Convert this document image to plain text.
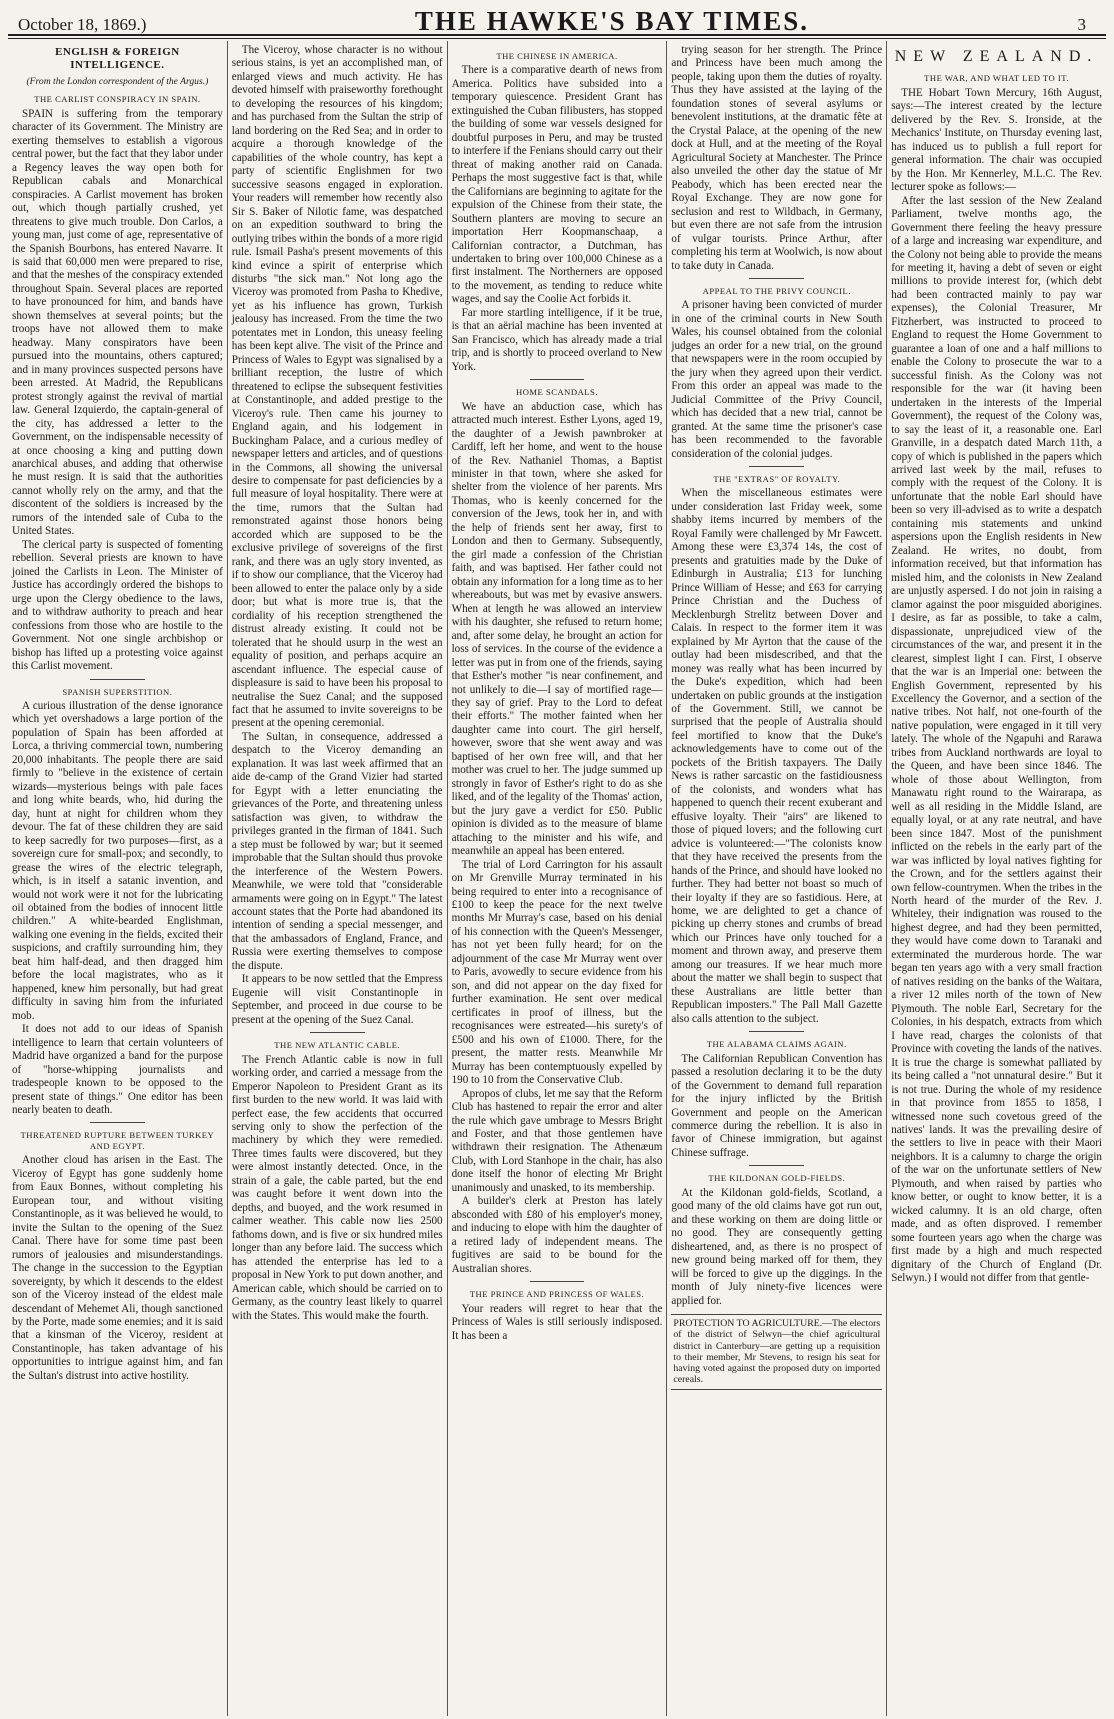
October 18, 1869.)	THE HAWKE'S BAY TIMES.	3
ENGLISH & FOREIGN INTELLIGENCE.
(From the London correspondent of the Argus.)
THE CARLIST CONSPIRACY IN SPAIN.

SPAIN is suffering from the temporary character of its Government. The Ministry are exerting themselves to establish a vigorous central power, but the fact that they labor under a Regency leaves the way open both for Republican cabals and Monarchical conspiracies. A Carlist movement has broken out, which though partially crushed, yet threatens to give much trouble. Don Carlos, a young man, just come of age, representative of the Spanish Bourbons, has entered Navarre. It is said that 60,000 men were prepared to rise, and that the meshes of the conspiracy extended throughout Spain. Several places are reported to have pronounced for him, and bands have shown themselves at several points; but the troops have not allowed them to make headway. Many conspirators have been pursued into the mountains, others captured; and in many provinces suspected persons have been arrested. At Madrid, the Republicans protest strongly against the revival of martial law. General Izquierdo, the captain-general of the city, has addressed a letter to the Government, on the indispensable necessity of at once choosing a king and putting down anarchical abuses, and adding that otherwise he must resign. It is said that the authorities cannot wholly rely on the army, and that the discontent of the soldiers is increased by the rumors of the intended sale of Cuba to the United States.

The clerical party is suspected of fomenting rebellion. Several priests are known to have joined the Carlists in Leon. The Minister of Justice has accordingly ordered the bishops to urge upon the Clergy obedience to the laws, and to withdraw authority to preach and hear confessions from those who are hostile to the Government. Not one single archbishop or bishop has lifted up a protesting voice against this Carlist movement.

SPANISH SUPERSTITION.

A curious illustration of the dense ignorance which yet overshadows a large portion of the population of Spain has been afforded at Lorca, a thriving commercial town, numbering 20,000 inhabitants. The people there are said firmly to "believe in the existence of certain wizards—mysterious beings with pale faces and long white beards, who, hid during the day, hunt at night for children whom they devour. The fat of these children they are said to keep sacredly for two purposes—first, as a sovereign cure for small-pox; and secondly, to grease the wires of the electric telegraph, which, is in itself a satanic invention, and would not work were it not for the lubricating oil obtained from the bodies of innocent little children." A white-bearded Englishman, walking one evening in the fields, excited their suspicions, and craftily surrounding him, they beat him half-dead, and then dragged him before the local magistrates, who as it happened, knew him personally, but had great difficulty in saving him from the infuriated mob.

It does not add to our ideas of Spanish intelligence to learn that certain volunteers of Madrid have organized a band for the purpose of "horse-whipping journalists and tradespeople known to be opposed to the present state of things." One editor has been nearly beaten to death.

THREATENED RUPTURE BETWEEN TURKEY AND EGYPT.

Another cloud has arisen in the East. The Viceroy of Egypt has gone suddenly home from Eaux Bonnes, without completing his European tour, and without visiting Constantinople, as it was believed he would, to invite the Sultan to the opening of the Suez Canal. There have for some time past been rumors of jealousies and misunderstandings. The change in the succession to the Egyptian sovereignty, by which it descends to the eldest son of the Viceroy instead of the eldest male descendant of Mehemet Ali, though sanctioned by the Porte, made some enemies; and it is said that a kinsman of the Viceroy, resident at Constantinople, has taken advantage of his opportunities to intrigue against him, and fan the Sultan's distrust into active hostility.

The Viceroy, whose character is no without serious stains, is yet an accomplished man, of enlarged views and much activity. He has devoted himself with praiseworthy forethought to developing the resources of his kingdom; and has purchased from the Sultan the strip of land bordering on the Red Sea; and in order to acquire a thorough knowledge of the capabilities of the whole country, has kept a party of scientific Englishmen for two successive seasons engaged in exploration. Your readers will remember how recently also Sir S. Baker of Nilotic fame, was despatched on an expedition southward to bring the outlying tribes within the bonds of a more rigid rule. Ismail Pasha's present movements of this kind evince a spirit of enterprise which disturbs "the sick man." Not long ago the Viceroy was promoted from Pasha to Khedive, yet as his influence has grown, Turkish jealousy has increased. From the time the two potentates met in London, this uneasy feeling has been kept alive. The visit of the Prince and Princess of Wales to Egypt was signalised by a brilliant reception, the lustre of which threatened to eclipse the subsequent festivities at Constantinople, and added prestige to the Viceroy's rule. Then came his journey to England again, and his lodgement in Buckingham Palace, and a curious medley of newspaper letters and articles, and of questions in the Commons, all showing the universal desire to compensate for past deficiencies by a full measure of loyal hospitality. There were at the time, rumors that the Sultan had remonstrated against those honors being accorded which are supposed to be the exclusive privilege of sovereigns of the first rank, and there was an ugly story invented, as if to show our compliance, that the Viceroy had been allowed to enter the palace only by a side door; but what is more true is, that the cordiality of his reception strengthened the distrust already existing. It could not be tolerated that he should usurp in the west an equality of position, and perhaps acquire an ascendant influence. The especial cause of displeasure is said to have been his proposal to neutralise the Suez Canal; and the supposed fact that he assumed to invite sovereigns to be present at the opening ceremonial.

The Sultan, in consequence, addressed a despatch to the Viceroy demanding an explanation. It was last week affirmed that an aide de-camp of the Grand Vizier had started for Egypt with a letter enunciating the grievances of the Porte, and threatening unless satisfaction was given, to withdraw the privileges granted in the firman of 1841. Such a step must be followed by war; but it seemed improbable that the Sultan should thus provoke the interference of the Western Powers. Meanwhile, we were told that "considerable armaments were going on in Egypt." The latest account states that the Porte had abandoned its intention of sending a special messenger, and that the ambassadors of England, France, and Russia were exerting themselves to compose the dispute.

It appears to be now settled that the Empress Eugenie will visit Constantinople in September, and proceed in due course to be present at the opening of the Suez Canal.

THE NEW ATLANTIC CABLE.

The French Atlantic cable is now in full working order, and carried a message from the Emperor Napoleon to President Grant as its first burden to the new world. It was laid with perfect ease, the few accidents that occurred serving only to show the perfection of the machinery by which they were remedied. Three times faults were discovered, but they were almost instantly detected. Once, in the strain of a gale, the cable parted, but the end was caught before it went down into the depths, and buoyed, and the work resumed in calmer weather. This cable now lies 2500 fathoms down, and is five or six hundred miles longer than any before laid. The success which has attended the enterprise has led to a proposal in New York to put down another, and American cable, which should be carried on to Germany, as the country least likely to quarrel with the States. This would make the fourth.

THE CHINESE IN AMERICA.

There is a comparative dearth of news from America. Politics have subsided into a temporary quiescence. President Grant has extinguished the Cuban filibusters, has stopped the building of some war vessels designed for doubtful purposes in Peru, and may be trusted to interfere if the Fenians should carry out their threat of making another raid on Canada. Perhaps the most suggestive fact is that, while the Californians are beginning to agitate for the expulsion of the Chinese from their state, the Southern planters are moving to secure an importation Herr Koopmanschaap, a Californian contractor, a Dutchman, has undertaken to bring over 100,000 Chinese as a first instalment. The Northerners are opposed to the movement, as tending to reduce white wages, and say the Coolie Act forbids it.

Far more startling intelligence, if it be true, is that an aërial machine has been invented at San Francisco, which has already made a trial trip, and is shortly to proceed overland to New York.

HOME SCANDALS.

We have an abduction case, which has attracted much interest. Esther Lyons, aged 19, the daughter of a Jewish pawnbroker at Cardiff, left her home, and went to the house of the Rev. Nathaniel Thomas, a Baptist minister in that town, where she asked for shelter from the violence of her parents. Mrs Thomas, who is keenly concerned for the conversion of the Jews, took her in, and with the help of friends sent her away, first to London and then to Germany. Subsequently, the girl made a confession of the Christian faith, and was baptised. Her father could not obtain any information for a long time as to her whereabouts, but was met by evasive answers. When at length he was allowed an interview with his daughter, she refused to return home; and, after some delay, he brought an action for loss of services. In the course of the evidence a letter was put in from one of the friends, saying that Esther's mother "is near confinement, and not unlikely to die—I say of mortified rage—they say of grief. Pray to the Lord to defeat their efforts." The mother fainted when her daughter came into court. The girl herself, however, swore that she went away and was baptised of her own free will, and that her mother was cruel to her. The judge summed up strongly in favor of Esther's right to do as she liked, and of the legality of the Thomas' action, but the jury gave a verdict for £50. Public opinion is divided as to the measure of blame attaching to the minister and his wife, and meanwhile an appeal has been entered.

The trial of Lord Carrington for his assault on Mr Grenville Murray terminated in his being required to enter into a recognisance of £100 to keep the peace for the next twelve months Mr Murray's case, based on his denial of his connection with the Queen's Messenger, has not yet been fully heard; for on the adjournment of the case Mr Murray went over to Paris, avowedly to secure evidence from his son, and did not appear on the day fixed for further examination. He sent over medical certificates in proof of illness, but the recognisances were estreated—his surety's of £500 and his own of £1000. There, for the present, the matter rests. Meanwhile Mr Murray has been contemptuously expelled by 190 to 10 from the Conservative Club.

Apropos of clubs, let me say that the Reform Club has hastened to repair the error and alter the rule which gave umbrage to Messrs Bright and Foster, and that those gentlemen have withdrawn their resignation. The Athenæum Club, with Lord Stanhope in the chair, has also done itself the honor of electing Mr Bright unanimously and unasked, to its membership.

A builder's clerk at Preston has lately absconded with £80 of his employer's money, and inducing to elope with him the daughter of a retired lady of independent means. The fugitives are said to be bound for the Australian shores.

THE PRINCE AND PRINCESS OF WALES.

Your readers will regret to hear that the Princess of Wales is still seriously indisposed. It has been a

trying season for her strength. The Prince and Princess have been much among the people, taking upon them the duties of royalty. Thus they have assisted at the laying of the foundation stones of several asylums or benevolent institutions, at the dramatic fête at the Crystal Palace, at the opening of the new dock at Hull, and at the meeting of the Royal Agricultural Society at Manchester. The Prince also unveiled the other day the statue of Mr Peabody, which has been erected near the Royal Exchange. They are now gone for seclusion and rest to Wildbach, in Germany, but even there are not safe from the intrusion of vulgar tourists. Prince Arthur, after completing his term at Woolwich, is now about to take duty in Canada.

APPEAL TO THE PRIVY COUNCIL.

A prisoner having been convicted of murder in one of the criminal courts in New South Wales, his counsel obtained from the colonial judges an order for a new trial, on the ground that newspapers were in the room occupied by the jury when they agreed upon their verdict. From this order an appeal was made to the Judicial Committee of the Privy Council, which has decided that a new trial, cannot be granted. At the same time the prisoner's case has been recommended to the favorable consideration of the colonial judges.

THE "EXTRAS" OF ROYALTY.

When the miscellaneous estimates were under consideration last Friday week, some shabby items incurred by members of the Royal Family were challenged by Mr Fawcett. Among these were £3,374 14s, the cost of presents and gratuities made by the Duke of Edinburgh in Australia; £13 for lunching Prince William of Hesse; and £63 for carrying Prince Christian and the Duchess of Mecklenburgh Strelitz between Dover and Calais. In respect to the former item it was explained by Mr Ayrton that the cause of the outlay had been misdescribed, and that the money was really what has been incurred by the Duke's expedition, which had been undertaken on public grounds at the instigation of the Government. Still, we cannot be surprised that the people of Australia should feel mortified to know that the Duke's acknowledgements have to come out of the pockets of the British taxpayers. The Daily News is rather sarcastic on the fastidiousness of the colonists, and wonders what has happened to quench their recent exuberant and effusive loyalty. Their "airs" are likened to those of piqued lovers; and the following curt advice is volunteered:—"The colonists know that they have received the presents from the hands of the Prince, and should have looked no further. They had better not boast so much of their loyalty if they are so fastidious. Here, at home, we are delighted to get a chance of picking up cherry stones and crumbs of bread which our Princes have only touched for a moment and thrown away, and preserve them among our treasures. If we hear much more about the matter we shall begin to suspect that these Australians are little better than Republican imposters." The Pall Mall Gazette also calls attention to the subject.

THE ALABAMA CLAIMS AGAIN.

The Californian Republican Convention has passed a resolution declaring it to be the duty of the Government to demand full reparation for the injury inflicted by the British Government and people on the American commerce during the rebellion. It is also in favor of Chinese immigration, but against Chinese suffrage.

THE KILDONAN GOLD-FIELDS.

At the Kildonan gold-fields, Scotland, a good many of the old claims have got run out, and these working on them are doing little or no good. They are consequently getting disheartened, and, as there is no prospect of new ground being marked off for them, they will be forced to give up the diggings. In the month of July ninety-five licences were applied for.

PROTECTION TO AGRICULTURE.—The electors of the district of Selwyn—the chief agricultural district in Canterbury—are getting up a requisition to their member, Mr Stevens, to resign his seat for having voted against the proposed duty on imported cereals.
NEW ZEALAND.
THE WAR, AND WHAT LED TO IT.

THE Hobart Town Mercury, 16th August, says:—The interest created by the lecture delivered by the Rev. S. Ironside, at the Mechanics' Institute, on Thursday evening last, has induced us to publish a full report for general information. The chair was occupied by the Hon. Mr Kennerley, M.L.C. The Rev. lecturer spoke as follows:—

After the last session of the New Zealand Parliament, twelve months ago, the Government there feeling the heavy pressure of a large and increasing war expenditure, and the Colony not being able to provide the means for meeting it, having a debt of seven or eight millions to provide interest for, (which debt had been contracted mainly to pay war expenses), the Colonial Treasurer, Mr Fitzherbert, was instructed to proceed to England to request the Home Government to guarantee a loan of one and a half millions to enable the Colony to prosecute the war to a successful finish. As the Colony was not responsible for the war (it having been undertaken in the interests of the Imperial Government), the request of the Colony was, to say the least of it, a reasonable one. Earl Granville, in a despatch dated March 11th, a copy of which is published in the papers which arrived last week by the mail, refuses to comply with the request of the Colony. It is unfortunate that the noble Earl should have been so very ill-advised as to write a despatch containing mis statements and unkind aspersions upon the English residents in New Zealand. He writes, no doubt, from information received, but that information has misled him, and the colonists in New Zealand are unjustly aspersed. I do not join in raising a clamor against the poor misguided aborigines. I desire, as far as possible, to take a calm, dispassionate, unprejudiced view of the circumstances of the war, and present it in the clearest, simplest light I can. First, I observe that the war is an Imperial one: between the English Government, represented by his Excellency the Governor, and a section of the native tribes. Not half, not one-fourth of the native population, were engaged in it till very lately. The whole of the Ngapuhi and Rarawa tribes from Auckland northwards are loyal to the Queen, and have been since 1846. The whole of those about Wellington, from Manawatu right round to the Wairarapa, as well as all residing in the Middle Island, are equally loyal, or at any rate neutral, and have been since 1847. Most of the punishment inflicted on the rebels in the early part of the war was inflicted by loyal natives fighting for the Crown, and for the settlers against their own fellow-countrymen. When the tribes in the North heard of the murder of the Rev. J. Whiteley, their indignation was roused to the highest degree, and had they been permitted, they would have come down to Taranaki and exterminated the murderous horde. The war began ten years ago with a very small fraction of natives residing on the banks of the Waitara, a river 12 miles north of the town of New Plymouth. The noble Earl, Secretary for the Colonies, in his despatch, extracts from which I have read, charges the colonists of that Province with coveting the lands of the natives. It is true the charge is somewhat palliated by its being called a "not unnatural desire." But it is not true. During the whole of my residence in that province from 1855 to 1858, I witnessed none such covetous greed of the natives' lands. It was the prevailing desire of the settlers to live in peace with their Maori neighbors. It is a calumny to charge the origin of the war on the unfortunate settlers of New Plymouth, and when raised by parties who know better, or ought to know better, it is a wicked calumny. It is an old charge, often made, and as often disproved. I remember some fourteen years ago when the charge was first made by a high and much respected dignitary of the Church of England (Dr. Selwyn.) I would not differ from that gentle-
